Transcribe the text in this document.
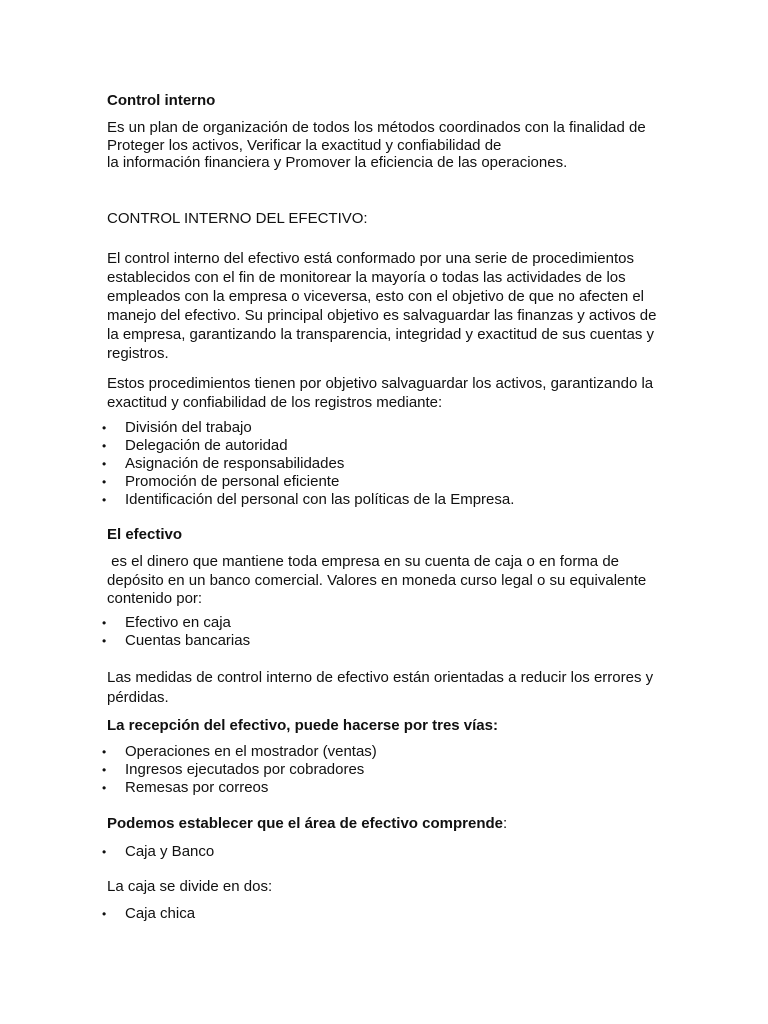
Control interno
Es un plan de organización de todos los métodos coordinados con la finalidad de
Proteger los activos, Verificar la exactitud y confiabilidad de
la información financiera y Promover la eficiencia de las operaciones.
CONTROL INTERNO DEL EFECTIVO:
El control interno del efectivo está conformado por una serie de procedimientos
establecidos con el fin de monitorear la mayoría o todas las actividades de los
empleados con la empresa o viceversa, esto con el objetivo de que no afecten el
manejo del efectivo. Su principal objetivo es salvaguardar las finanzas y activos de
la empresa, garantizando la transparencia, integridad y exactitud de sus cuentas y
registros.
Estos procedimientos tienen por objetivo salvaguardar los activos, garantizando la
exactitud y confiabilidad de los registros mediante:
• División del trabajo
• Delegación de autoridad
• Asignación de responsabilidades
• Promoción de personal eficiente
• Identificación del personal con las políticas de la Empresa.
El efectivo
es el dinero que mantiene toda empresa en su cuenta de caja o en forma de
depósito en un banco comercial. Valores en moneda curso legal o su equivalente
contenido por:
• Efectivo en caja
• Cuentas bancarias
Las medidas de control interno de efectivo están orientadas a reducir los errores y
pérdidas.
La recepción del efectivo, puede hacerse por tres vías:
• Operaciones en el mostrador (ventas)
• Ingresos ejecutados por cobradores
• Remesas por correos
Podemos establecer que el área de efectivo comprende:
• Caja y Banco
La caja se divide en dos:
• Caja chica
